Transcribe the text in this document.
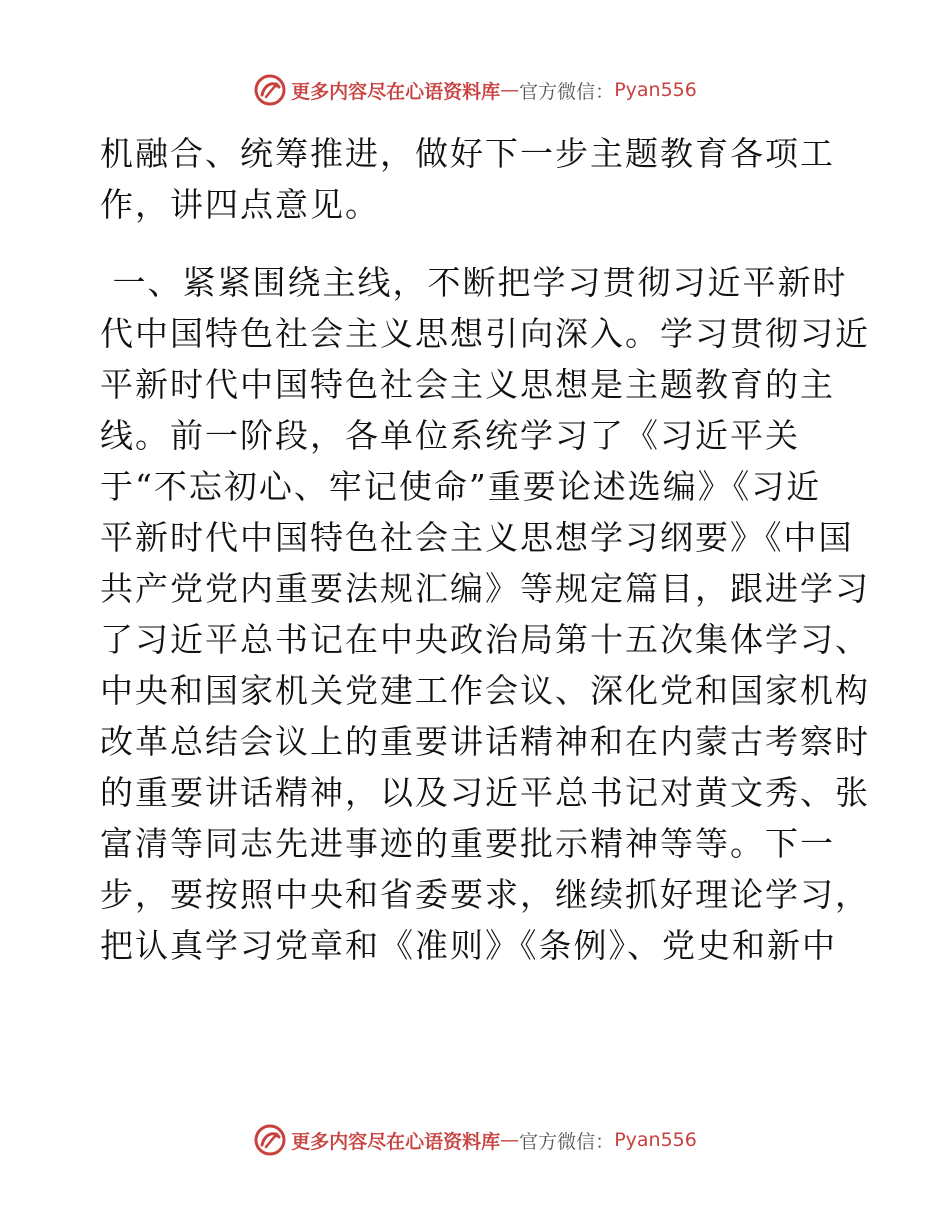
更多内容尽在心语资料库 — 官方微信： Pyan556
机融合、统筹推进，做好下一步主题教育各项工
作，讲四点意见。
一、紧紧围绕主线，不断把学习贯彻习近平新时
代中国特色社会主义思想引向深入。学习贯彻习近
平新时代中国特色社会主义思想是主题教育的主
线。前一阶段，各单位系统学习了《习近平关
于“不忘初心、牢记使命”重要论述选编》《习近
平新时代中国特色社会主义思想学习纲要》《中国
共产党党内重要法规汇编》等规定篇目，跟进学习
了习近平总书记在中央政治局第十五次集体学习、
中央和国家机关党建工作会议、深化党和国家机构
改革总结会议上的重要讲话精神和在内蒙古考察时
的重要讲话精神，以及习近平总书记对黄文秀、张
富清等同志先进事迹的重要批示精神等等。下一
步，要按照中央和省委要求，继续抓好理论学习，
把认真学习党章和《准则》《条例》、党史和新中
更多内容尽在心语资料库 — 官方微信： Pyan556
